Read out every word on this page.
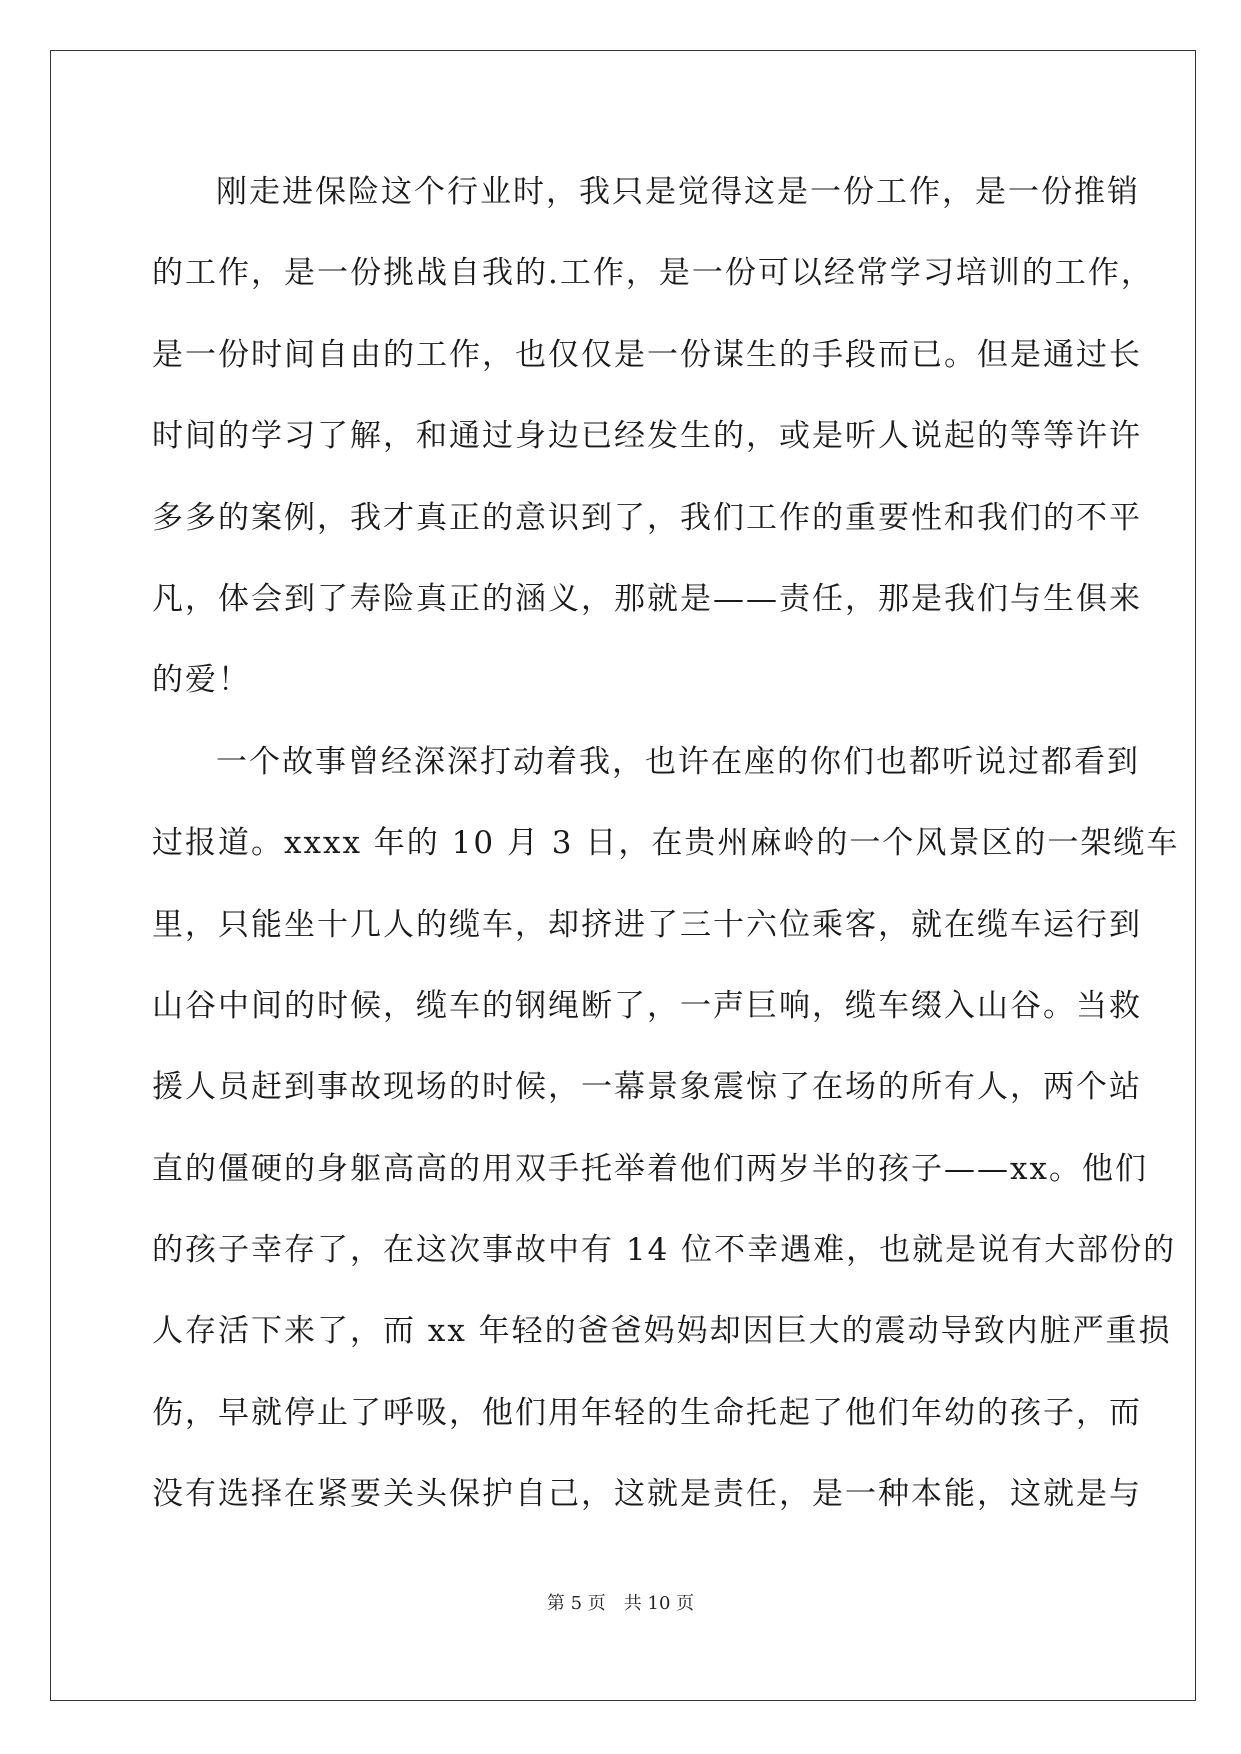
刚走进保险这个行业时，我只是觉得这是一份工作，是一份推销
的工作，是一份挑战自我的.工作，是一份可以经常学习培训的工作，
是一份时间自由的工作，也仅仅是一份谋生的手段而已。但是通过长
时间的学习了解，和通过身边已经发生的，或是听人说起的等等许许
多多的案例，我才真正的意识到了，我们工作的重要性和我们的不平
凡，体会到了寿险真正的涵义，那就是——责任，那是我们与生俱来
的爱！
一个故事曾经深深打动着我，也许在座的你们也都听说过都看到
过报道。xxxx 年的 10 月 3 日，在贵州麻岭的一个风景区的一架缆车
里，只能坐十几人的缆车，却挤进了三十六位乘客，就在缆车运行到
山谷中间的时候，缆车的钢绳断了，一声巨响，缆车缀入山谷。当救
援人员赶到事故现场的时候，一幕景象震惊了在场的所有人，两个站
直的僵硬的身躯高高的用双手托举着他们两岁半的孩子——xx。他们
的孩子幸存了，在这次事故中有 14 位不幸遇难，也就是说有大部份的
人存活下来了，而 xx 年轻的爸爸妈妈却因巨大的震动导致内脏严重损
伤，早就停止了呼吸，他们用年轻的生命托起了他们年幼的孩子，而
没有选择在紧要关头保护自己，这就是责任，是一种本能，这就是与
第 5 页 共 10 页
